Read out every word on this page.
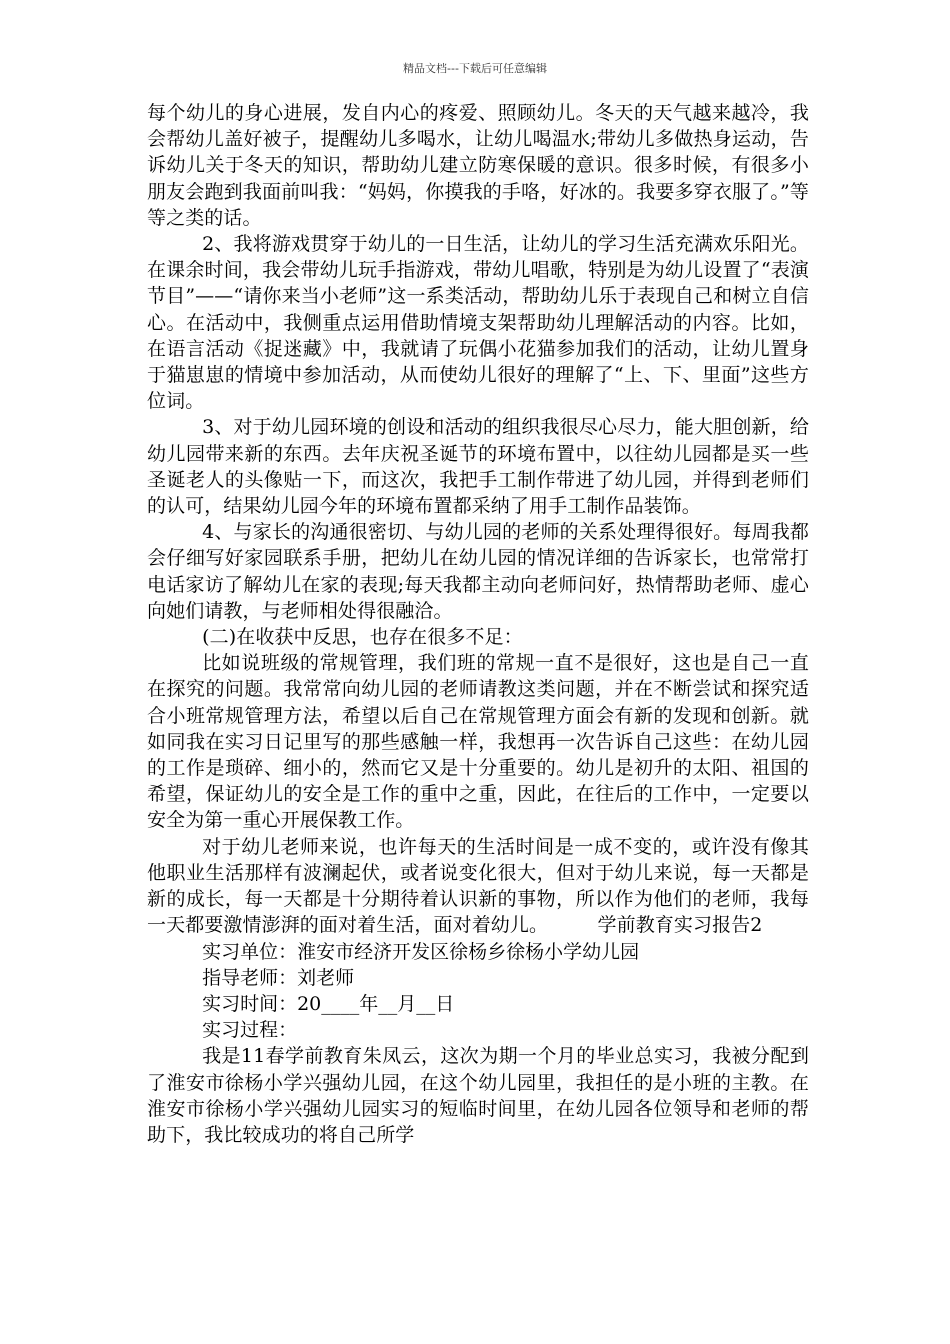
精品文档---下载后可任意编辑

每个幼儿的身心进展，发自内心的疼爱、照顾幼儿。冬天的天气越来越冷，我会帮幼儿盖好被子，提醒幼儿多喝水，让幼儿喝温水;带幼儿多做热身运动，告诉幼儿关于冬天的知识，帮助幼儿建立防寒保暖的意识。很多时候，有很多小朋友会跑到我面前叫我：“妈妈，你摸我的手咯，好冰的。我要多穿衣服了。”等等之类的话。

2、我将游戏贯穿于幼儿的一日生活，让幼儿的学习生活充满欢乐阳光。在课余时间，我会带幼儿玩手指游戏，带幼儿唱歌，特别是为幼儿设置了“表演节目”——“请你来当小老师”这一系类活动，帮助幼儿乐于表现自己和树立自信心。在活动中，我侧重点运用借助情境支架帮助幼儿理解活动的内容。比如，在语言活动《捉迷藏》中，我就请了玩偶小花猫参加我们的活动，让幼儿置身于猫崽崽的情境中参加活动，从而使幼儿很好的理解了“上、下、里面”这些方位词。

3、对于幼儿园环境的创设和活动的组织我很尽心尽力，能大胆创新，给幼儿园带来新的东西。去年庆祝圣诞节的环境布置中，以往幼儿园都是买一些圣诞老人的头像贴一下，而这次，我把手工制作带进了幼儿园，并得到老师们的认可，结果幼儿园今年的环境布置都采纳了用手工制作品装饰。

4、与家长的沟通很密切、与幼儿园的老师的关系处理得很好。每周我都会仔细写好家园联系手册，把幼儿在幼儿园的情况详细的告诉家长，也常常打电话家访了解幼儿在家的表现;每天我都主动向老师问好，热情帮助老师、虚心向她们请教，与老师相处得很融洽。

(二)在收获中反思，也存在很多不足：

比如说班级的常规管理，我们班的常规一直不是很好，这也是自己一直在探究的问题。我常常向幼儿园的老师请教这类问题，并在不断尝试和探究适合小班常规管理方法，希望以后自己在常规管理方面会有新的发现和创新。就如同我在实习日记里写的那些感触一样，我想再一次告诉自己这些：在幼儿园的工作是琐碎、细小的，然而它又是十分重要的。幼儿是初升的太阳、祖国的希望，保证幼儿的安全是工作的重中之重，因此，在往后的工作中，一定要以安全为第一重心开展保教工作。

对于幼儿老师来说，也许每天的生活时间是一成不变的，或许没有像其他职业生活那样有波澜起伏，或者说变化很大，但对于幼儿来说，每一天都是新的成长，每一天都是十分期待着认识新的事物，所以作为他们的老师，我每一天都要激情澎湃的面对着生活，面对着幼儿。	学前教育实习报告2

实习单位：淮安市经济开发区徐杨乡徐杨小学幼儿园

指导老师：刘老师

实习时间：20____年__月__日

实习过程：

我是11春学前教育朱凤云，这次为期一个月的毕业总实习，我被分配到了淮安市徐杨小学兴强幼儿园，在这个幼儿园里，我担任的是小班的主教。在淮安市徐杨小学兴强幼儿园实习的短临时间里，在幼儿园各位领导和老师的帮助下，我比较成功的将自己所学
